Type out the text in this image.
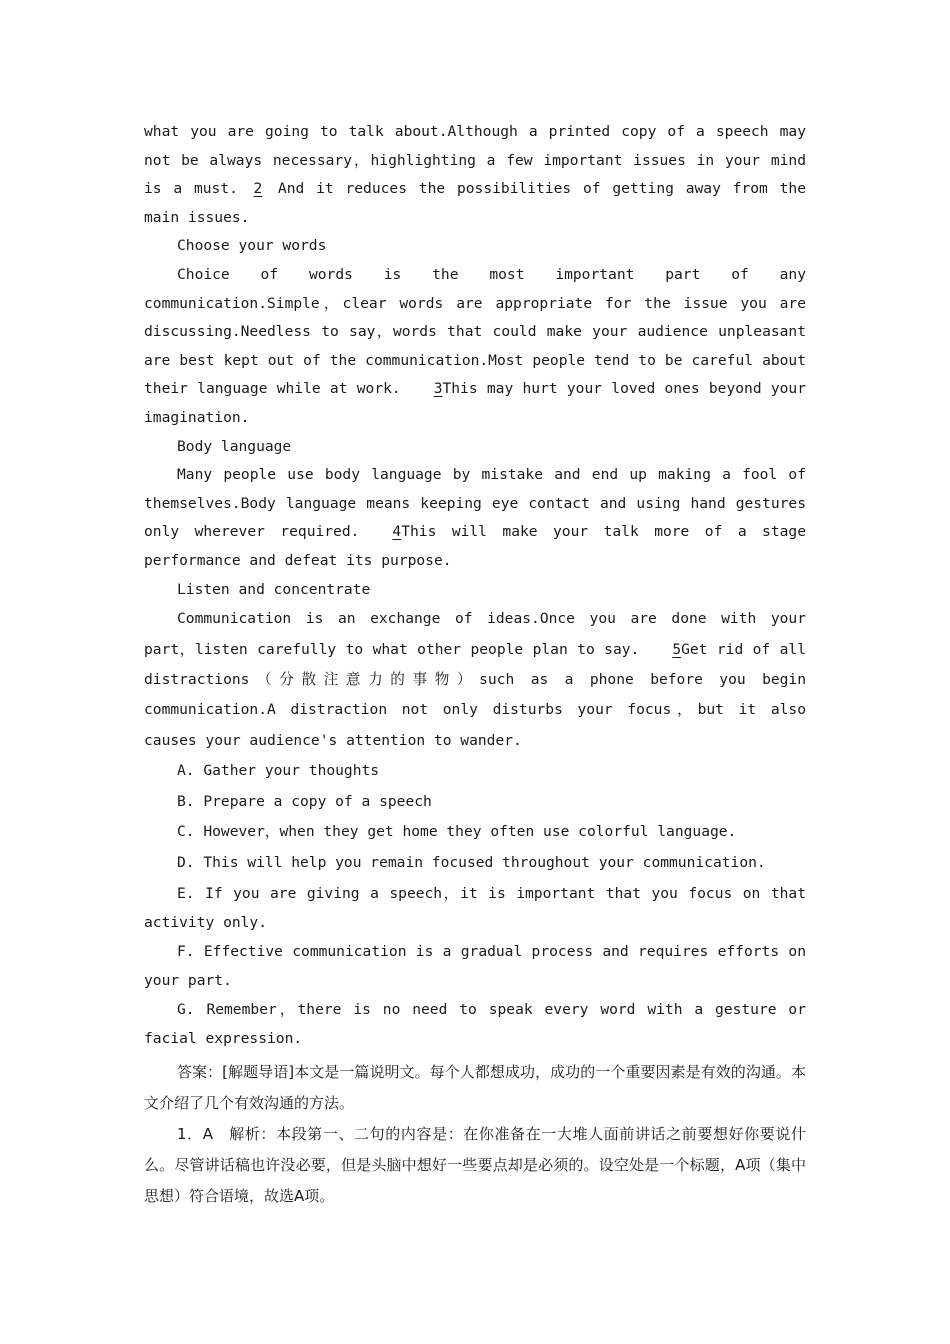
what you are going to talk about.Although a printed copy of a speech may not be always necessary，highlighting a few important issues in your mind is a must. 2 And it reduces the possibilities of getting away from the main issues.

Choose your words

Choice of words is the most important part of any communication.Simple，clear words are appropriate for the issue you are discussing.Needless to say，words that could make your audience unpleasant are best kept out of the communication.Most people tend to be careful about their language while at work. 3This may hurt your loved ones beyond your imagination.

Body language

Many people use body language by mistake and end up making a fool of themselves.Body language means keeping eye contact and using hand gestures only wherever required. 4This will make your talk more of a stage performance and defeat its purpose.

Listen and concentrate

Communication is an exchange of ideas.Once you are done with your part，listen carefully to what other people plan to say. 5Get rid of all distractions（分散注意力的事物）such as a phone before you begin communication.A distraction not only disturbs your focus，but it also causes your audience's attention to wander.

A. Gather your thoughts

B. Prepare a copy of a speech

C. However，when they get home they often use colorful language.

D. This will help you remain focused throughout your communication.

E. If you are giving a speech，it is important that you focus on that activity only.

F. Effective communication is a gradual process and requires efforts on your part.

G. Remember，there is no need to speak every word with a gesture or facial expression.

答案：[解题导语]本文是一篇说明文。每个人都想成功，成功的一个重要因素是有效的沟通。本文介绍了几个有效沟通的方法。

1．A　解析：本段第一、二句的内容是：在你准备在一大堆人面前讲话之前要想好你要说什么。尽管讲话稿也许没必要，但是头脑中想好一些要点却是必须的。设空处是一个标题，A项（集中思想）符合语境，故选A项。
